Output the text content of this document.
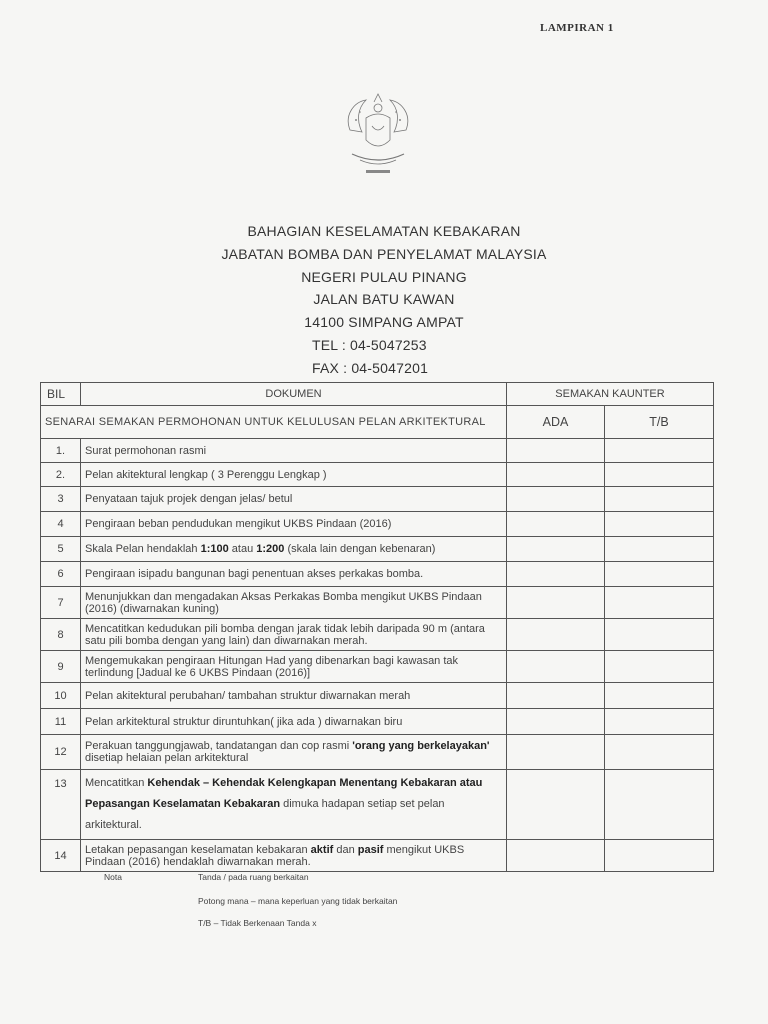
LAMPIRAN 1
BAHAGIAN KESELAMATAN KEBAKARAN
JABATAN BOMBA DAN PENYELAMAT MALAYSIA
NEGERI PULAU PINANG
JALAN BATU KAWAN
14100 SIMPANG AMPAT
TEL : 04-5047253
FAX : 04-5047201
BIL	DOKUMEN	SEMAKAN KAUNTER	
SENARAI SEMAKAN PERMOHONAN UNTUK KELULUSAN PELAN ARKITEKTURAL		ADA	T/B
1.	Surat permohonan rasmi		
2.	Pelan akitektural lengkap ( 3 Perenggu Lengkap )		
3	Penyataan tajuk projek dengan jelas/ betul		
4	Pengiraan beban pendudukan mengikut UKBS Pindaan (2016)		
5	Skala Pelan hendaklah 1:100 atau 1:200 (skala lain dengan kebenaran)		
6	Pengiraan isipadu bangunan bagi penentuan akses perkakas bomba.		
7	Menunjukkan dan mengadakan Aksas Perkakas Bomba mengikut UKBS Pindaan (2016) (diwarnakan kuning)		
8	Mencatitkan kedudukan pili bomba dengan jarak tidak lebih daripada 90 m (antara satu pili bomba dengan yang lain) dan diwarnakan merah.		
9	Mengemukakan pengiraan Hitungan Had yang dibenarkan bagi kawasan tak terlindung [Jadual ke 6 UKBS Pindaan (2016)]		
10	Pelan akitektural perubahan/ tambahan struktur diwarnakan merah		
11	Pelan arkitektural struktur diruntuhkan( jika ada ) diwarnakan biru		
12	Perakuan tanggungjawab, tandatangan dan cop rasmi 'orang yang berkelayakan' disetiap helaian pelan arkitektural		
13	Mencatitkan Kehendak – Kehendak Kelengkapan Menentang Kebakaran atau Pepasangan Keselamatan Kebakaran dimuka hadapan setiap set pelan arkitektural.		
14	Letakan pepasangan keselamatan kebakaran aktif dan pasif mengikut UKBS Pindaan (2016) hendaklah diwarnakan merah.		
Nota	Tanda / pada ruang berkaitan
Potong mana – mana keperluan yang tidak berkaitan
T/B – Tidak Berkenaan Tanda x
